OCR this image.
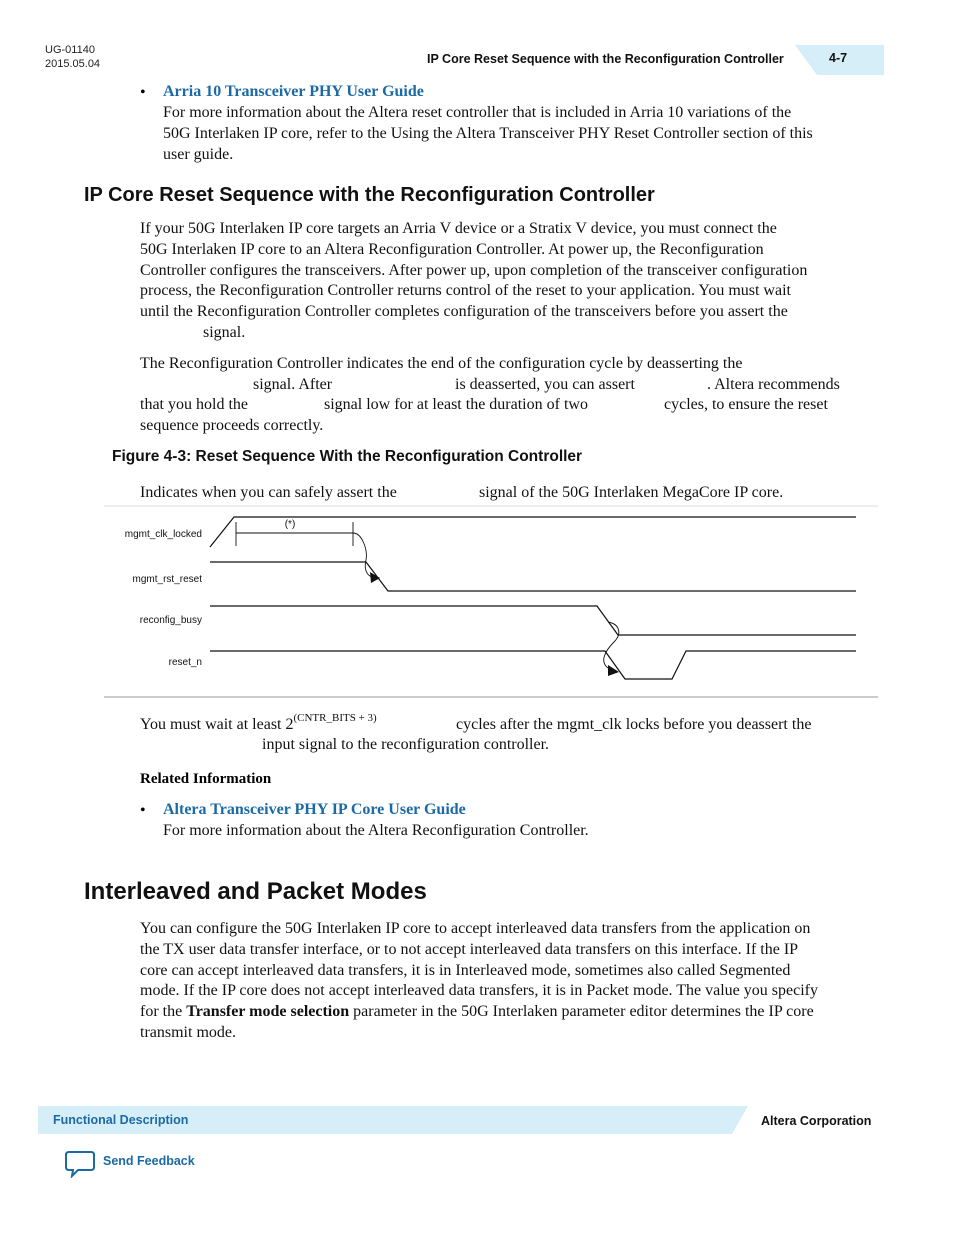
UG-01140
2015.05.04	IP Core Reset Sequence with the Reconfiguration Controller	4-7
• Arria 10 Transceiver PHY User Guide
For more information about the Altera reset controller that is included in Arria 10 variations of the
50G Interlaken IP core, refer to the Using the Altera Transceiver PHY Reset Controller section of this
user guide.
IP Core Reset Sequence with the Reconfiguration Controller
If your 50G Interlaken IP core targets an Arria V device or a Stratix V device, you must connect the
50G Interlaken IP core to an Altera Reconfiguration Controller. At power up, the Reconfiguration
Controller configures the transceivers. After power up, upon completion of the transceiver configuration
process, the Reconfiguration Controller returns control of the reset to your application. You must wait
until the Reconfiguration Controller completes configuration of the transceivers before you assert the
signal.
The Reconfiguration Controller indicates the end of the configuration cycle by deasserting the
signal. After	is deasserted, you can assert	. Altera recommends
that you hold the	signal low for at least the duration of two	cycles, to ensure the reset
sequence proceeds correctly.
Figure 4-3: Reset Sequence With the Reconfiguration Controller
Indicates when you can safely assert the	signal of the 50G Interlaken MegaCore IP core.
(*)
mgmt_clk_locked
mgmt_rst_reset
reconfig_busy
reset_n
You must wait at least $2^{(CNTR\_BITS + 3)}$	cycles after the mgmt_clk locks before you deassert the
input signal to the reconfiguration controller.
Related Information
• Altera Transceiver PHY IP Core User Guide
For more information about the Altera Reconfiguration Controller.
Interleaved and Packet Modes
You can configure the 50G Interlaken IP core to accept interleaved data transfers from the application on
the TX user data transfer interface, or to not accept interleaved data transfers on this interface. If the IP
core can accept interleaved data transfers, it is in Interleaved mode, sometimes also called Segmented
mode. If the IP core does not accept interleaved data transfers, it is in Packet mode. The value you specify
for the Transfer mode selection parameter in the 50G Interlaken parameter editor determines the IP core
transmit mode.
Functional Description	Altera Corporation
Send Feedback
